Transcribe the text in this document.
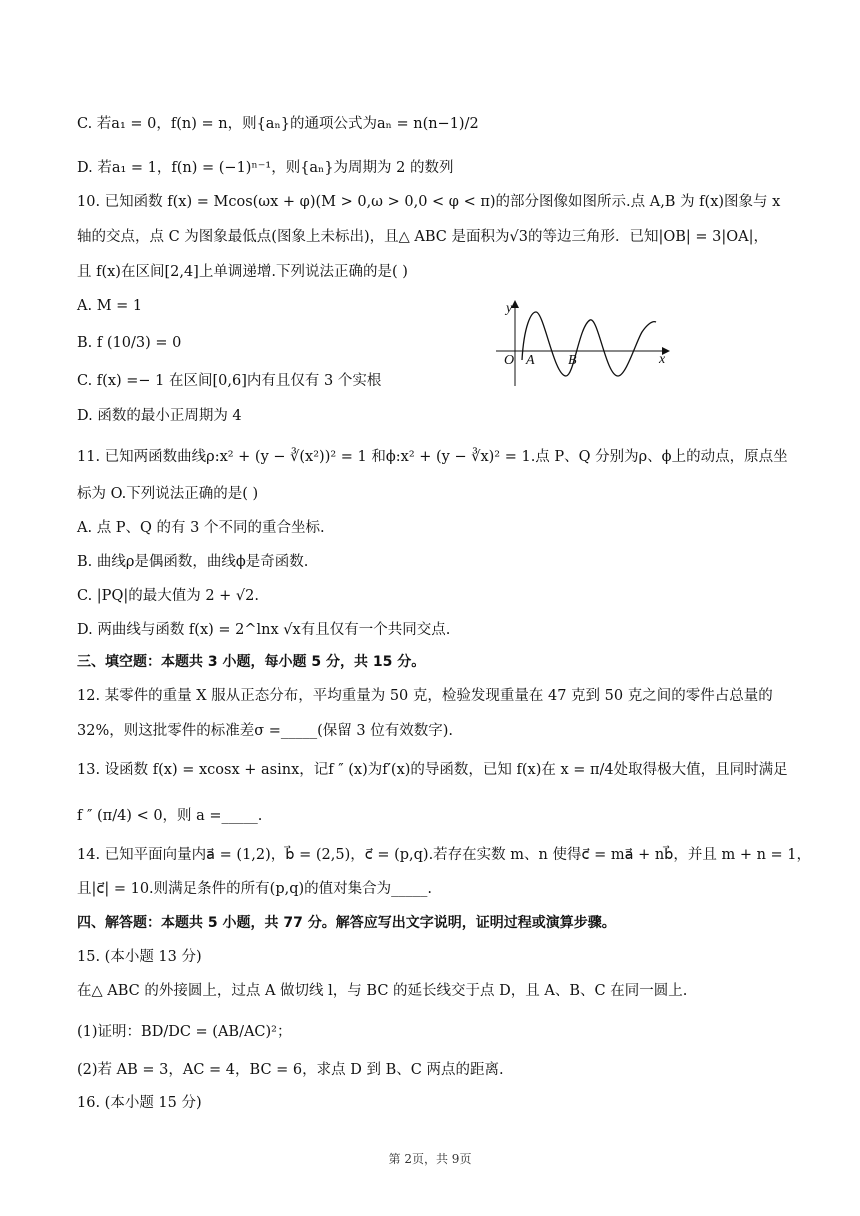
C. 若a₁ = 0，f(n) = n，则{aₙ}的通项公式为aₙ = n(n−1)/2
D. 若a₁ = 1，f(n) = (−1)ⁿ⁻¹，则{aₙ}为周期为 2 的数列
10. 已知函数 f(x) = Mcos(ωx + φ)(M > 0,ω > 0,0 < φ < π)的部分图像如图所示.点 A,B 为 f(x)图象与 x
轴的交点，点 C 为图象最低点(图象上未标出)，且△ ABC 是面积为√3的等边三角形．已知|OB| = 3|OA|，
且 f(x)在区间[2,4]上单调递增.下列说法正确的是( )
A. M = 1
B. f (10/3) = 0
C. f(x) =− 1 在区间[0,6]内有且仅有 3 个实根
D. 函数的最小正周期为 4
11. 已知两函数曲线ρ:x² + (y − ∛(x²))² = 1 和ϕ:x² + (y − ∛x)² = 1.点 P、Q 分别为ρ、ϕ上的动点，原点坐
标为 O.下列说法正确的是( )
A. 点 P、Q 的有 3 个不同的重合坐标.
B. 曲线ρ是偶函数，曲线ϕ是奇函数.
C. |PQ|的最大值为 2 + √2.
D. 两曲线与函数 f(x) = 2^lnx √x有且仅有一个共同交点.
三、填空题：本题共 3 小题，每小题 5 分，共 15 分。
12. 某零件的重量 X 服从正态分布，平均重量为 50 克，检验发现重量在 47 克到 50 克之间的零件占总量的
32%，则这批零件的标准差σ =_____(保留 3 位有效数字).
13. 设函数 f(x) = xcosx + asinx，记f ″ (x)为f′(x)的导函数，已知 f(x)在 x = π/4处取得极大值，且同时满足
f ″ (π/4) < 0，则 a =_____.
14. 已知平面向量内a⃗ = (1,2)，b⃗ = (2,5)，c⃗ = (p,q).若存在实数 m、n 使得c⃗ = ma⃗ + nb⃗，并且 m + n = 1，
且|c⃗| = 10.则满足条件的所有(p,q)的值对集合为_____.
四、解答题：本题共 5 小题，共 77 分。解答应写出文字说明，证明过程或演算步骤。
15. (本小题 13 分)
在△ ABC 的外接圆上，过点 A 做切线 l，与 BC 的延长线交于点 D，且 A、B、C 在同一圆上.
(1)证明：BD/DC = (AB/AC)²；
(2)若 AB = 3，AC = 4，BC = 6，求点 D 到 B、C 两点的距离.
16. (本小题 15 分)
y
x
O A B
第 2页，共 9页
